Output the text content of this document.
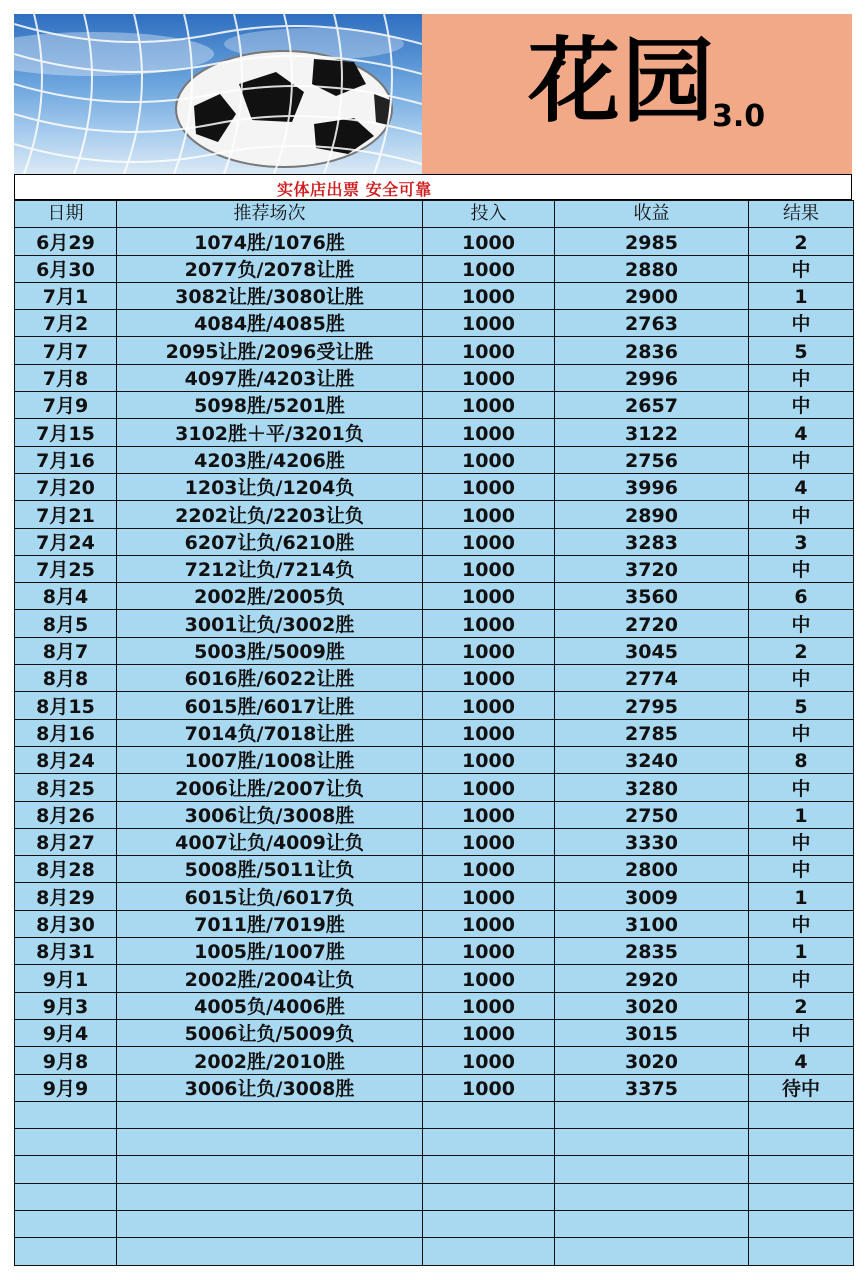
花园
3.0
实体店出票 安全可靠
日期	推荐场次	投入	收益	结果
6月29	1074胜/1076胜	1000	2985	2
6月30	2077负/2078让胜	1000	2880	中
7月1	3082让胜/3080让胜	1000	2900	1
7月2	4084胜/4085胜	1000	2763	中
7月7	2095让胜/2096受让胜	1000	2836	5
7月8	4097胜/4203让胜	1000	2996	中
7月9	5098胜/5201胜	1000	2657	中
7月15	3102胜＋平/3201负	1000	3122	4
7月16	4203胜/4206胜	1000	2756	中
7月20	1203让负/1204负	1000	3996	4
7月21	2202让负/2203让负	1000	2890	中
7月24	6207让负/6210胜	1000	3283	3
7月25	7212让负/7214负	1000	3720	中
8月4	2002胜/2005负	1000	3560	6
8月5	3001让负/3002胜	1000	2720	中
8月7	5003胜/5009胜	1000	3045	2
8月8	6016胜/6022让胜	1000	2774	中
8月15	6015胜/6017让胜	1000	2795	5
8月16	7014负/7018让胜	1000	2785	中
8月24	1007胜/1008让胜	1000	3240	8
8月25	2006让胜/2007让负	1000	3280	中
8月26	3006让负/3008胜	1000	2750	1
8月27	4007让负/4009让负	1000	3330	中
8月28	5008胜/5011让负	1000	2800	中
8月29	6015让负/6017负	1000	3009	1
8月30	7011胜/7019胜	1000	3100	中
8月31	1005胜/1007胜	1000	2835	1
9月1	2002胜/2004让负	1000	2920	中
9月3	4005负/4006胜	1000	3020	2
9月4	5006让负/5009负	1000	3015	中
9月8	2002胜/2010胜	1000	3020	4
9月9	3006让负/3008胜	1000	3375	待中
